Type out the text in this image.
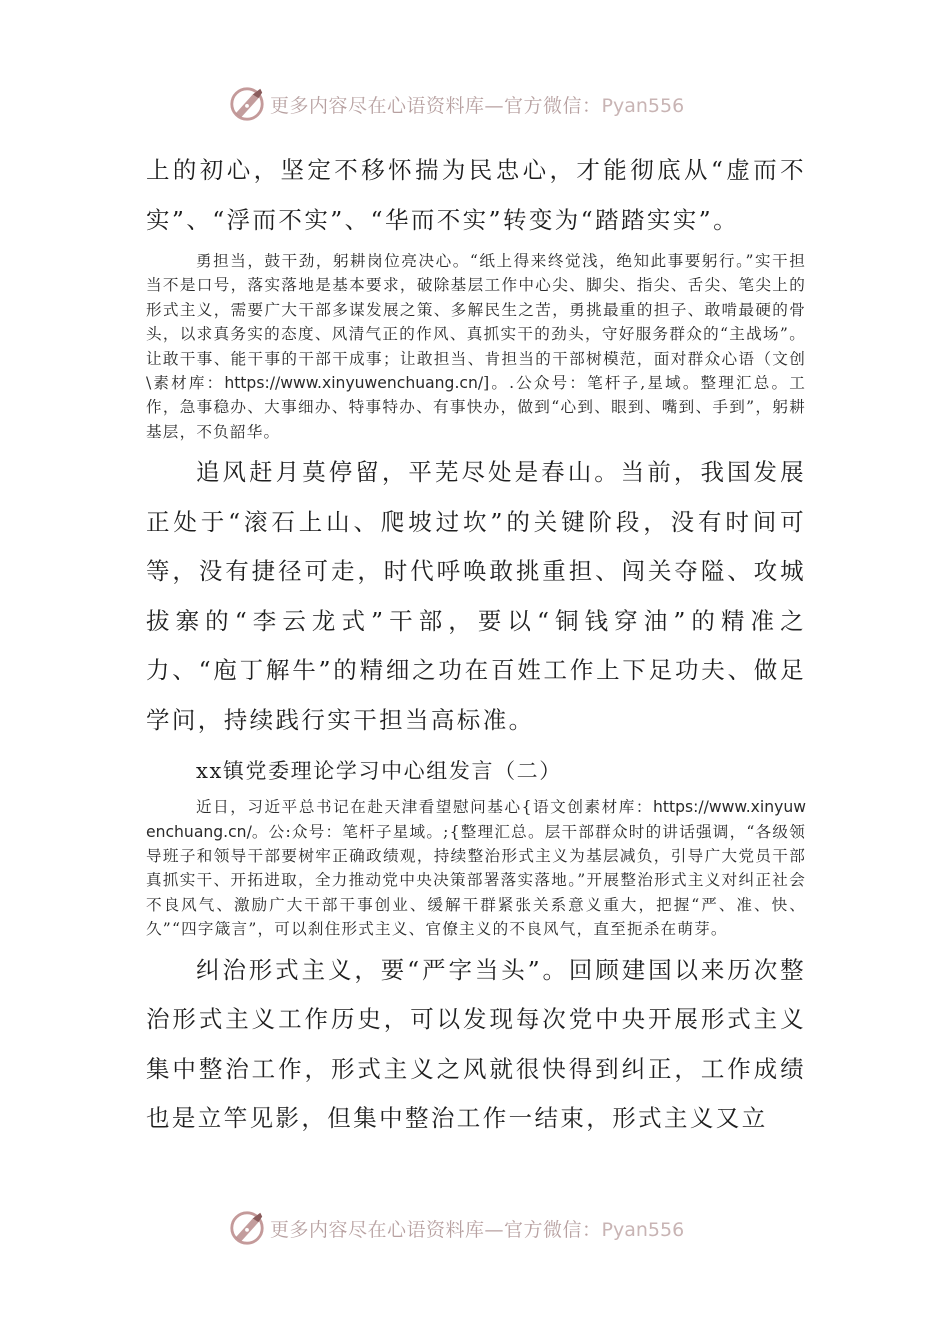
更多内容尽在心语资料库—官方微信：Pyan556

上的初心，坚定不移怀揣为民忠心，才能彻底从“虚而不实”、“浮而不实”、“华而不实”转变为“踏踏实实”。

勇担当，鼓干劲，躬耕岗位亮决心。“纸上得来终觉浅，绝知此事要躬行。”实干担当不是口号，落实落地是基本要求，破除基层工作中心尖、脚尖、指尖、舌尖、笔尖上的形式主义，需要广大干部多谋发展之策、多解民生之苦，勇挑最重的担子、敢啃最硬的骨头，以求真务实的态度、风清气正的作风、真抓实干的劲头，守好服务群众的“主战场”。让敢干事、能干事的干部干成事；让敢担当、肯担当的干部树模范，面对群众心语（文创\素材库：https://www.xinyuwenchuang.cn/]。.公众号：笔杆子,星域。整理汇总。工作，急事稳办、大事细办、特事特办、有事快办，做到“心到、眼到、嘴到、手到”，躬耕基层，不负韶华。

追风赶月莫停留，平芜尽处是春山。当前，我国发展正处于“滚石上山、爬坡过坎”的关键阶段，没有时间可等，没有捷径可走，时代呼唤敢挑重担、闯关夺隘、攻城拔寨的“李云龙式”干部，要以“铜钱穿油”的精准之力、“庖丁解牛”的精细之功在百姓工作上下足功夫、做足学问，持续践行实干担当高标准。

xx镇党委理论学习中心组发言（二）

近日，习近平总书记在赴天津看望慰问基心{语文创素材库：https://www.xinyuwenchuang.cn/。公:众号：笔杆子星域。;{整理汇总。层干部群众时的讲话强调，“各级领导班子和领导干部要树牢正确政绩观，持续整治形式主义为基层减负，引导广大党员干部真抓实干、开拓进取，全力推动党中央决策部署落实落地。”开展整治形式主义对纠正社会不良风气、激励广大干部干事创业、缓解干群紧张关系意义重大，把握“严、准、快、久”“四字箴言”，可以刹住形式主义、官僚主义的不良风气，直至扼杀在萌芽。

纠治形式主义，要“严字当头”。回顾建国以来历次整治形式主义工作历史，可以发现每次党中央开展形式主义集中整治工作，形式主义之风就很快得到纠正，工作成绩也是立竿见影，但集中整治工作一结束，形式主义又立

更多内容尽在心语资料库—官方微信：Pyan556
